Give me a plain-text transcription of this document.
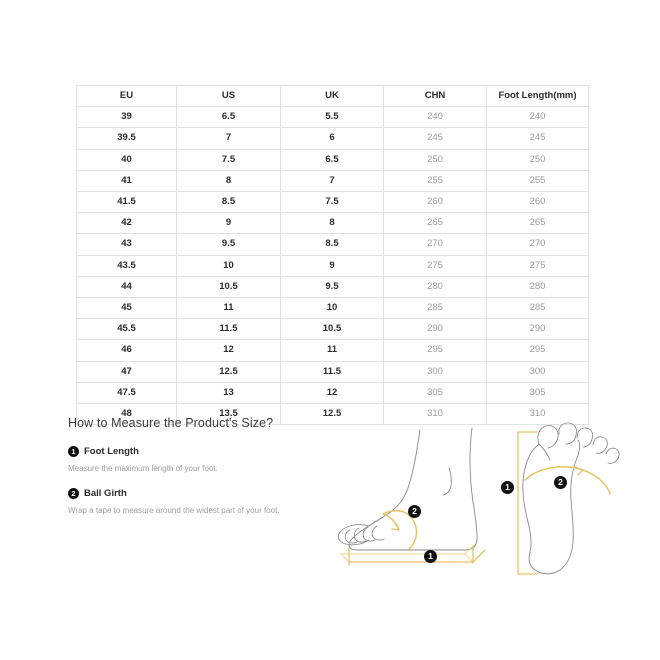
EU	US	UK	CHN	Foot Length(mm)
39	6.5	5.5	240	240
39.5	7	6	245	245
40	7.5	6.5	250	250
41	8	7	255	255
41.5	8.5	7.5	260	260
42	9	8	265	265
43	9.5	8.5	270	270
43.5	10	9	275	275
44	10.5	9.5	280	280
45	11	10	285	285
45.5	11.5	10.5	290	290
46	12	11	295	295
47	12.5	11.5	300	300
47.5	13	12	305	305
48	13.5	12.5	310	310
How to Measure the Product's Size?
1 Foot Length

Measure the maximum length of your foot.

2 Ball Girth

Wrap a tape to measure around the widest part of your foot.	2
1
1	2
